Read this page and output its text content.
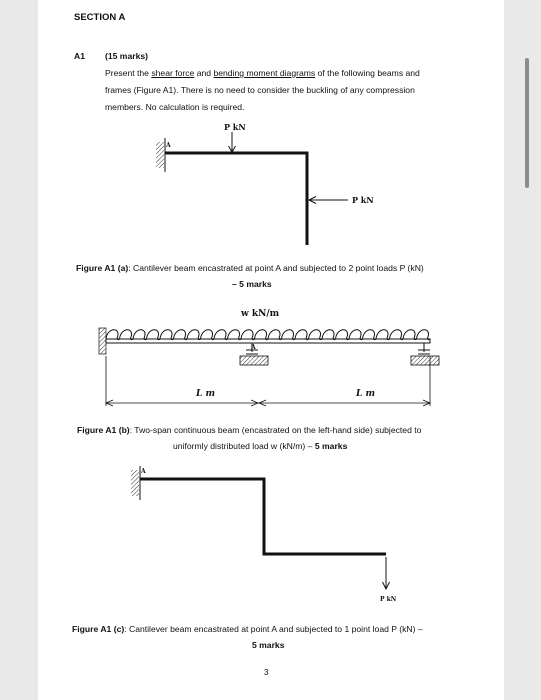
SECTION A
A1 (15 marks)
Present the shear force and bending moment diagrams of the following beams and
frames (Figure A1). There is no need to consider the buckling of any compression
members. No calculation is required.
P kN
P kN
A
Figure A1 (a): Cantilever beam encastrated at point A and subjected to 2 point loads P (kN)
– 5 marks
w kN/m
A
L m	L m
Figure A1 (b): Two-span continuous beam (encastrated on the left-hand side) subjected to
uniformly distributed load w (kN/m) – 5 marks
A
P kN
Figure A1 (c): Cantilever beam encastrated at point A and subjected to 1 point load P (kN) –
5 marks
3
